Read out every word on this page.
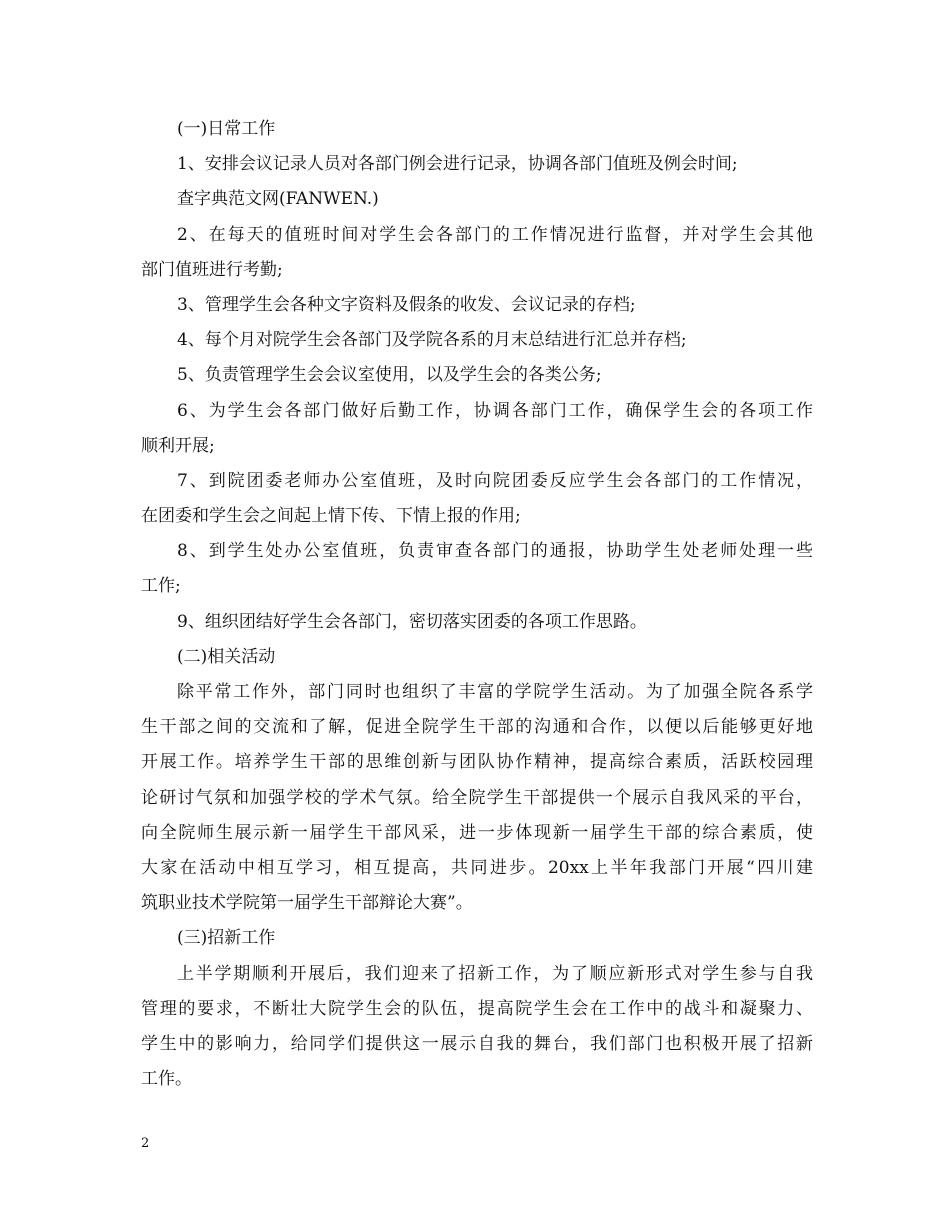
(一)日常工作

1、安排会议记录人员对各部门例会进行记录，协调各部门值班及例会时间;

查字典范文网(FANWEN.)

2、在每天的值班时间对学生会各部门的工作情况进行监督，并对学生会其他

部门值班进行考勤;

3、管理学生会各种文字资料及假条的收发、会议记录的存档;

4、每个月对院学生会各部门及学院各系的月末总结进行汇总并存档;

5、负责管理学生会会议室使用，以及学生会的各类公务;

6、为学生会各部门做好后勤工作，协调各部门工作，确保学生会的各项工作

顺利开展;

7、到院团委老师办公室值班，及时向院团委反应学生会各部门的工作情况，

在团委和学生会之间起上情下传、下情上报的作用;

8、到学生处办公室值班，负责审查各部门的通报，协助学生处老师处理一些

工作;

9、组织团结好学生会各部门，密切落实团委的各项工作思路。

(二)相关活动

除平常工作外，部门同时也组织了丰富的学院学生活动。为了加强全院各系学

生干部之间的交流和了解，促进全院学生干部的沟通和合作，以便以后能够更好地

开展工作。培养学生干部的思维创新与团队协作精神，提高综合素质，活跃校园理

论研讨气氛和加强学校的学术气氛。给全院学生干部提供一个展示自我风采的平台，

向全院师生展示新一届学生干部风采，进一步体现新一届学生干部的综合素质，使

大家在活动中相互学习，相互提高，共同进步。20xx上半年我部门开展“四川建

筑职业技术学院第一届学生干部辩论大赛”。

(三)招新工作

上半学期顺利开展后，我们迎来了招新工作，为了顺应新形式对学生参与自我

管理的要求，不断壮大院学生会的队伍，提高院学生会在工作中的战斗和凝聚力、

学生中的影响力，给同学们提供这一展示自我的舞台，我们部门也积极开展了招新

工作。

2
